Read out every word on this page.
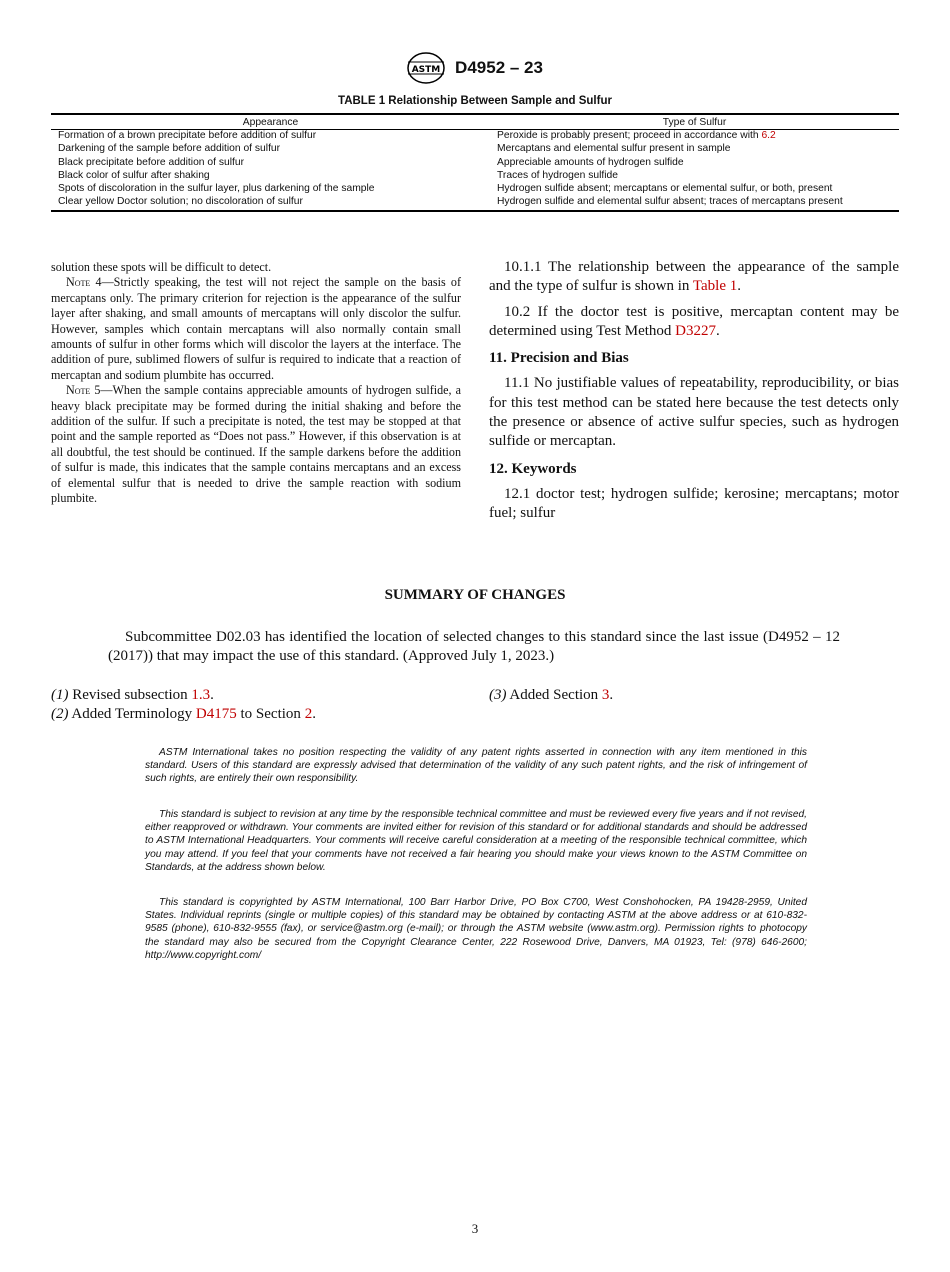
ASTM D4952 – 23
TABLE 1 Relationship Between Sample and Sulfur
Appearance	Type of Sulfur
Formation of a brown precipitate before addition of sulfur	Peroxide is probably present; proceed in accordance with 6.2
Darkening of the sample before addition of sulfur	Mercaptans and elemental sulfur present in sample
Black precipitate before addition of sulfur	Appreciable amounts of hydrogen sulfide
Black color of sulfur after shaking	Traces of hydrogen sulfide
Spots of discoloration in the sulfur layer, plus darkening of the sample	Hydrogen sulfide absent; mercaptans or elemental sulfur, or both, present
Clear yellow Doctor solution; no discoloration of sulfur	Hydrogen sulfide and elemental sulfur absent; traces of mercaptans present

solution these spots will be difficult to detect.

Note 4—Strictly speaking, the test will not reject the sample on the basis of mercaptans only. The primary criterion for rejection is the appearance of the sulfur layer after shaking, and small amounts of mercaptans will only discolor the sulfur. However, samples which contain mercaptans will also normally contain small amounts of sulfur in other forms which will discolor the layers at the interface. The addition of pure, sublimed flowers of sulfur is required to indicate that a reaction of mercaptan and sodium plumbite has occurred.

Note 5—When the sample contains appreciable amounts of hydrogen sulfide, a heavy black precipitate may be formed during the initial shaking and before the addition of the sulfur. If such a precipitate is noted, the test may be stopped at that point and the sample reported as “Does not pass.” However, if this observation is at all doubtful, the test should be continued. If the sample darkens before the addition of sulfur is made, this indicates that the sample contains mercaptans and an excess of elemental sulfur that is needed to drive the sample reaction with sodium plumbite.

10.1.1 The relationship between the appearance of the sample and the type of sulfur is shown in Table 1.

10.2 If the doctor test is positive, mercaptan content may be determined using Test Method D3227.

11. Precision and Bias

11.1 No justifiable values of repeatability, reproducibility, or bias for this test method can be stated here because the test detects only the presence or absence of active sulfur species, such as hydrogen sulfide or mercaptan.

12. Keywords

12.1 doctor test; hydrogen sulfide; kerosine; mercaptans; motor fuel; sulfur

SUMMARY OF CHANGES

Subcommittee D02.03 has identified the location of selected changes to this standard since the last issue (D4952 – 12 (2017)) that may impact the use of this standard. (Approved July 1, 2023.)

(1) Revised subsection 1.3.
(2) Added Terminology D4175 to Section 2.
(3) Added Section 3.

ASTM International takes no position respecting the validity of any patent rights asserted in connection with any item mentioned in this standard. Users of this standard are expressly advised that determination of the validity of any such patent rights, and the risk of infringement of such rights, are entirely their own responsibility.

This standard is subject to revision at any time by the responsible technical committee and must be reviewed every five years and if not revised, either reapproved or withdrawn. Your comments are invited either for revision of this standard or for additional standards and should be addressed to ASTM International Headquarters. Your comments will receive careful consideration at a meeting of the responsible technical committee, which you may attend. If you feel that your comments have not received a fair hearing you should make your views known to the ASTM Committee on Standards, at the address shown below.

This standard is copyrighted by ASTM International, 100 Barr Harbor Drive, PO Box C700, West Conshohocken, PA 19428-2959, United States. Individual reprints (single or multiple copies) of this standard may be obtained by contacting ASTM at the above address or at 610-832-9585 (phone), 610-832-9555 (fax), or service@astm.org (e-mail); or through the ASTM website (www.astm.org). Permission rights to photocopy the standard may also be secured from the Copyright Clearance Center, 222 Rosewood Drive, Danvers, MA 01923, Tel: (978) 646-2600; http://www.copyright.com/

3
